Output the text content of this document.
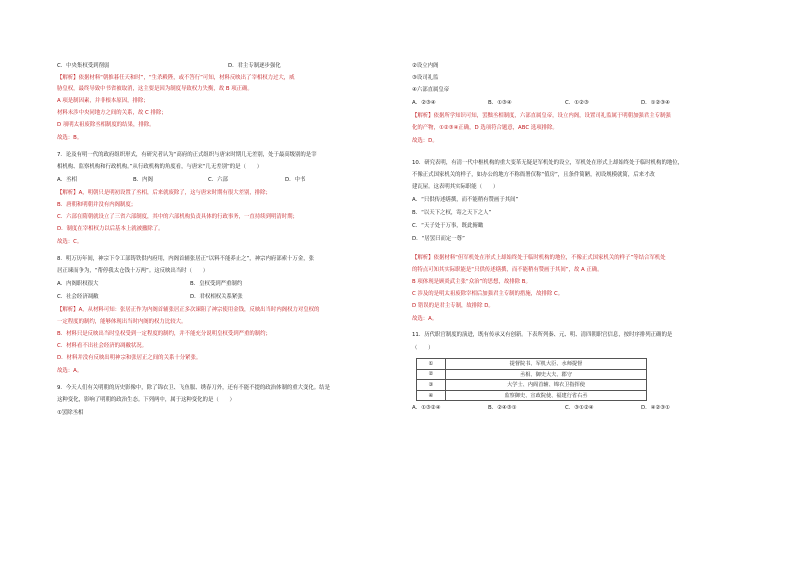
C．中央集权受到削弱	D．君主专制逐步强化
【解析】依据材料“朝推暮任天和时”，“生杀殿陛，或不答行”可知，材料反映出了宰相权力过大，威
胁皇权，最终导致中书省被取消，这主要是因为制度导致权力失衡，故 B 项正确。
A 项是制因素，并非根本原因，排除；
材料未涉中央同地方之间的关系，故 C 排除；
D 项明太祖废除丞相制度的结果，排除。
故选：B。
7．论及有明一代的政府组织形式，有研究者认为“高府的正式组织与唐宋时期几无差别，处于最高级别的是宰
相机构、监察机构和行政机构。”从行政机构的角度看，与唐宋“几无差别”的是（　　）
A．丞相	B．内阁	C．六部	D．中书
【解析】A，明朝只是明初设置了丞相，后来就废除了，这与唐宋时期有很大差别，排除；
B．唐朝和明朝并没有内阁制度；
C．六部在隋朝就设立了三省六部制度，其中的六部机构负责具体的行政事务，一直持续到明清时期；
D．制度在宰相权力以后基本上就被撤除了。
故选：C。
8．明万历年间，神宗下令工部铸铁供内府用，内阁首辅张居正“以料不能养止之”，神宗内府部索十万金，张
居正谏而争为，“帮停我太仓钱十万两”。这反映出当时（　　）
A．内阁职权很大	B．皇权受到严重制约
C．社会经济凋敝	D．君权相权关系紧张
【解析】A，从材料可知：张居正作为内阁首辅张居正多次谏阻了神宗使用金钱，反映出当时内阁权力对皇权的
一定程度的制约，能够体现出当时内阁的权力比较大。
B．材料只是反映出当时皇权受到一定程度的制约，并不能充分说明皇权受到严重的制约；
C．材料看不出社会经济的凋敝状况。
D．材料并没有反映出明神宗和张居正之间的关系十分紧张。
故选：A。
9．今天人们有关明朝的历史影像中，除了锦衣卫、飞鱼服、绣春刀外，还有不能不提的政治体制的重大变化。结是
这种变化，影响了明朝的政治生态。下列两中，属于这种变化的是（　　）
①罢除丞相
②设立内阁
③设司礼监
④六部直属皇帝
A．②③④	B．①③④	C．①②③	D．①②③④
【解析】依据所学知识可知，罢黜丞相制度，六部直属皇帝，设立内阁，设置司礼监属于明朝加强君主专制强
化的产物，①②③④正确，D 选项符合题意，ABC 选项排除。
故选：D。
10．研究表明，有清一代中枢机构的重大变革无疑是军机处的设立，军机处在形式上却始终处于临时机构的地位，
不像正式国家机关的样子，如办公的地方不称衙署仅称“值房”，且条件简陋，初设规模就简，后来才改
建瓦屋。这表明其实际职能（　　）
A．“只供传述缮撰，而不能稍有赞画于其间”
B．“以天下之权，寄之天下之人”
C．“天子处于万事，既此俯瞰
D．“居罢曰而定一尊”
【解析】依据材料“但军机处在形式上却始终处于临时机构的地位，不像正式国家机关的样子”等结合军机处
的特点可知其实际职能是“只供传述缮撰，而不能稍有赞画于其间”，故 A 正确。
B 项体现是顾炎武主张“众治”的思想，故排除 B。
C 涉及的是明太祖废除宰相后加强君主专制的措施，故排除 C。
D 错误的是君主专制，故排除 D。
故选：A。
11．历代职官制度的演进，既有传承又有创新。下表所列秦、元、明、清四朝职官信息，按时序排列正确的是
（　　）
①	提督院书、军机大臣、水师提督
②	丞相、御史大夫、郡守
③	大学士、内阁首辅、锦衣卫指挥使
④	监察御史、宣政院使、福建行省右丞
A．①③②④	B．②④③①	C．③①②④	D．④②③①
